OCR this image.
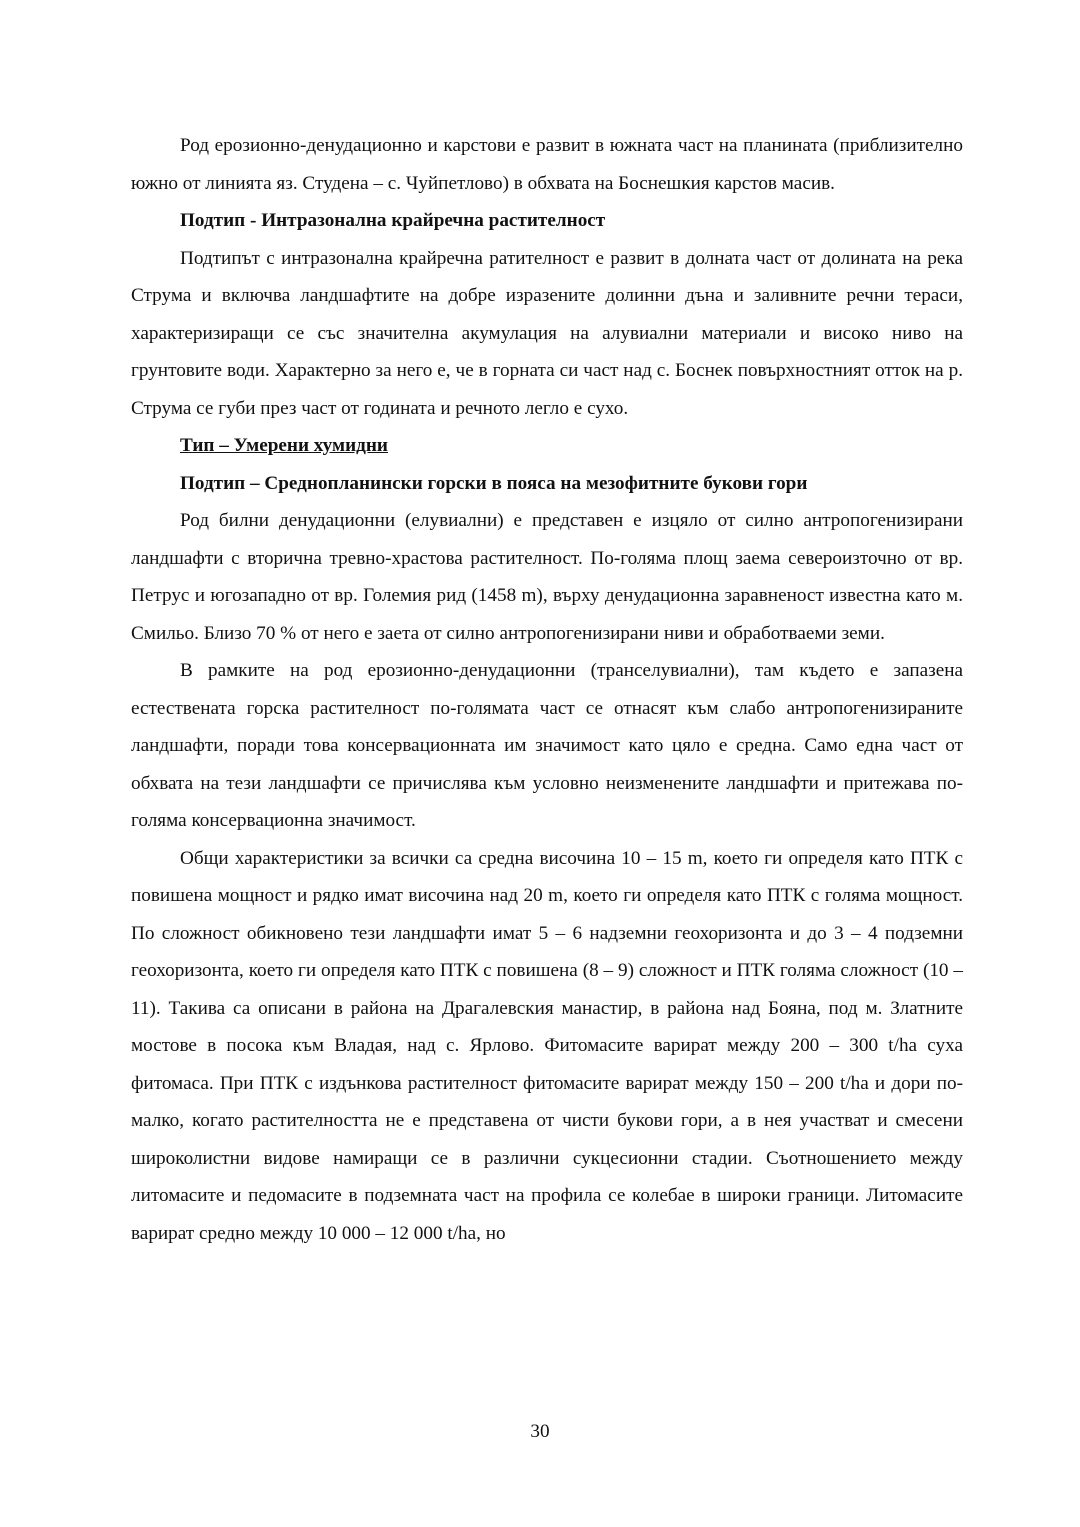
Род ерозионно-денудационно и карстови е развит в южната част на планината (приблизително южно от линията яз. Студена – с. Чуйпетлово) в обхвата на Боснешкия карстов масив.

Подтип - Интразонална крайречна растителност

Подтипът с интразонална крайречна ратителност е развит в долната част от долината на река Струма и включва ландшафтите на добре изразените долинни дъна и заливните речни тераси, характеризиращи се със значителна акумулация на алувиални материали и високо ниво на грунтовите води. Характерно за него е, че в горната си част над с. Боснек повърхностният отток на р. Струма се губи през част от годината и речното легло е сухо.

Тип – Умерени хумидни

Подтип – Среднопланински горски в пояса на мезофитните букови гори

Род билни денудационни (елувиални) е представен е изцяло от силно антропогенизирани ландшафти с вторична тревно-храстова растителност. По-голяма площ заема североизточно от вр. Петрус и югозападно от вр. Големия рид (1458 m), върху денудационна заравненост известна като м. Смильо. Близо 70 % от него е заета от силно антропогенизирани ниви и обработваеми земи.

В рамките на род ерозионно-денудационни (трансeлувиални), там където е запазена естествената горска растителност по-голямата част се отнасят към слабо антропогенизираните ландшафти, поради това консервационната им значимост като цяло е средна. Само една част от обхвата на тези ландшафти се причислява към условно неизменените ландшафти и притежава по-голяма консервационна значимост.

Общи характеристики за всички са средна височина 10 – 15 m, което ги определя като ПТК с повишена мощност и рядко имат височина над 20 m, което ги определя като ПТК с голяма мощност. По сложност обикновено тези ландшафти имат 5 – 6 надземни геохоризонта и до 3 – 4 подземни геохоризонта, което ги определя като ПТК с повишена (8 – 9) сложност и ПТК голяма сложност (10 – 11). Такива са описани в района на Драгалевския манастир, в района над Бояна, под м. Златните мостове в посока към Владая, над с. Ярлово. Фитомасите варират между 200 – 300 t/ha суха фитомаса. При ПТК с издънкова растителност фитомасите варират между 150 – 200 t/ha и дори по-малко, когато растителността не е представена от чисти букови гори, а в нея участват и смесени широколистни видове намиращи се в различни сукцесионни стадии. Съотношението между литомасите и педомасите в подземната част на профила се колебае в широки граници. Литомасите варират средно между 10 000 – 12 000 t/ha, но

30
